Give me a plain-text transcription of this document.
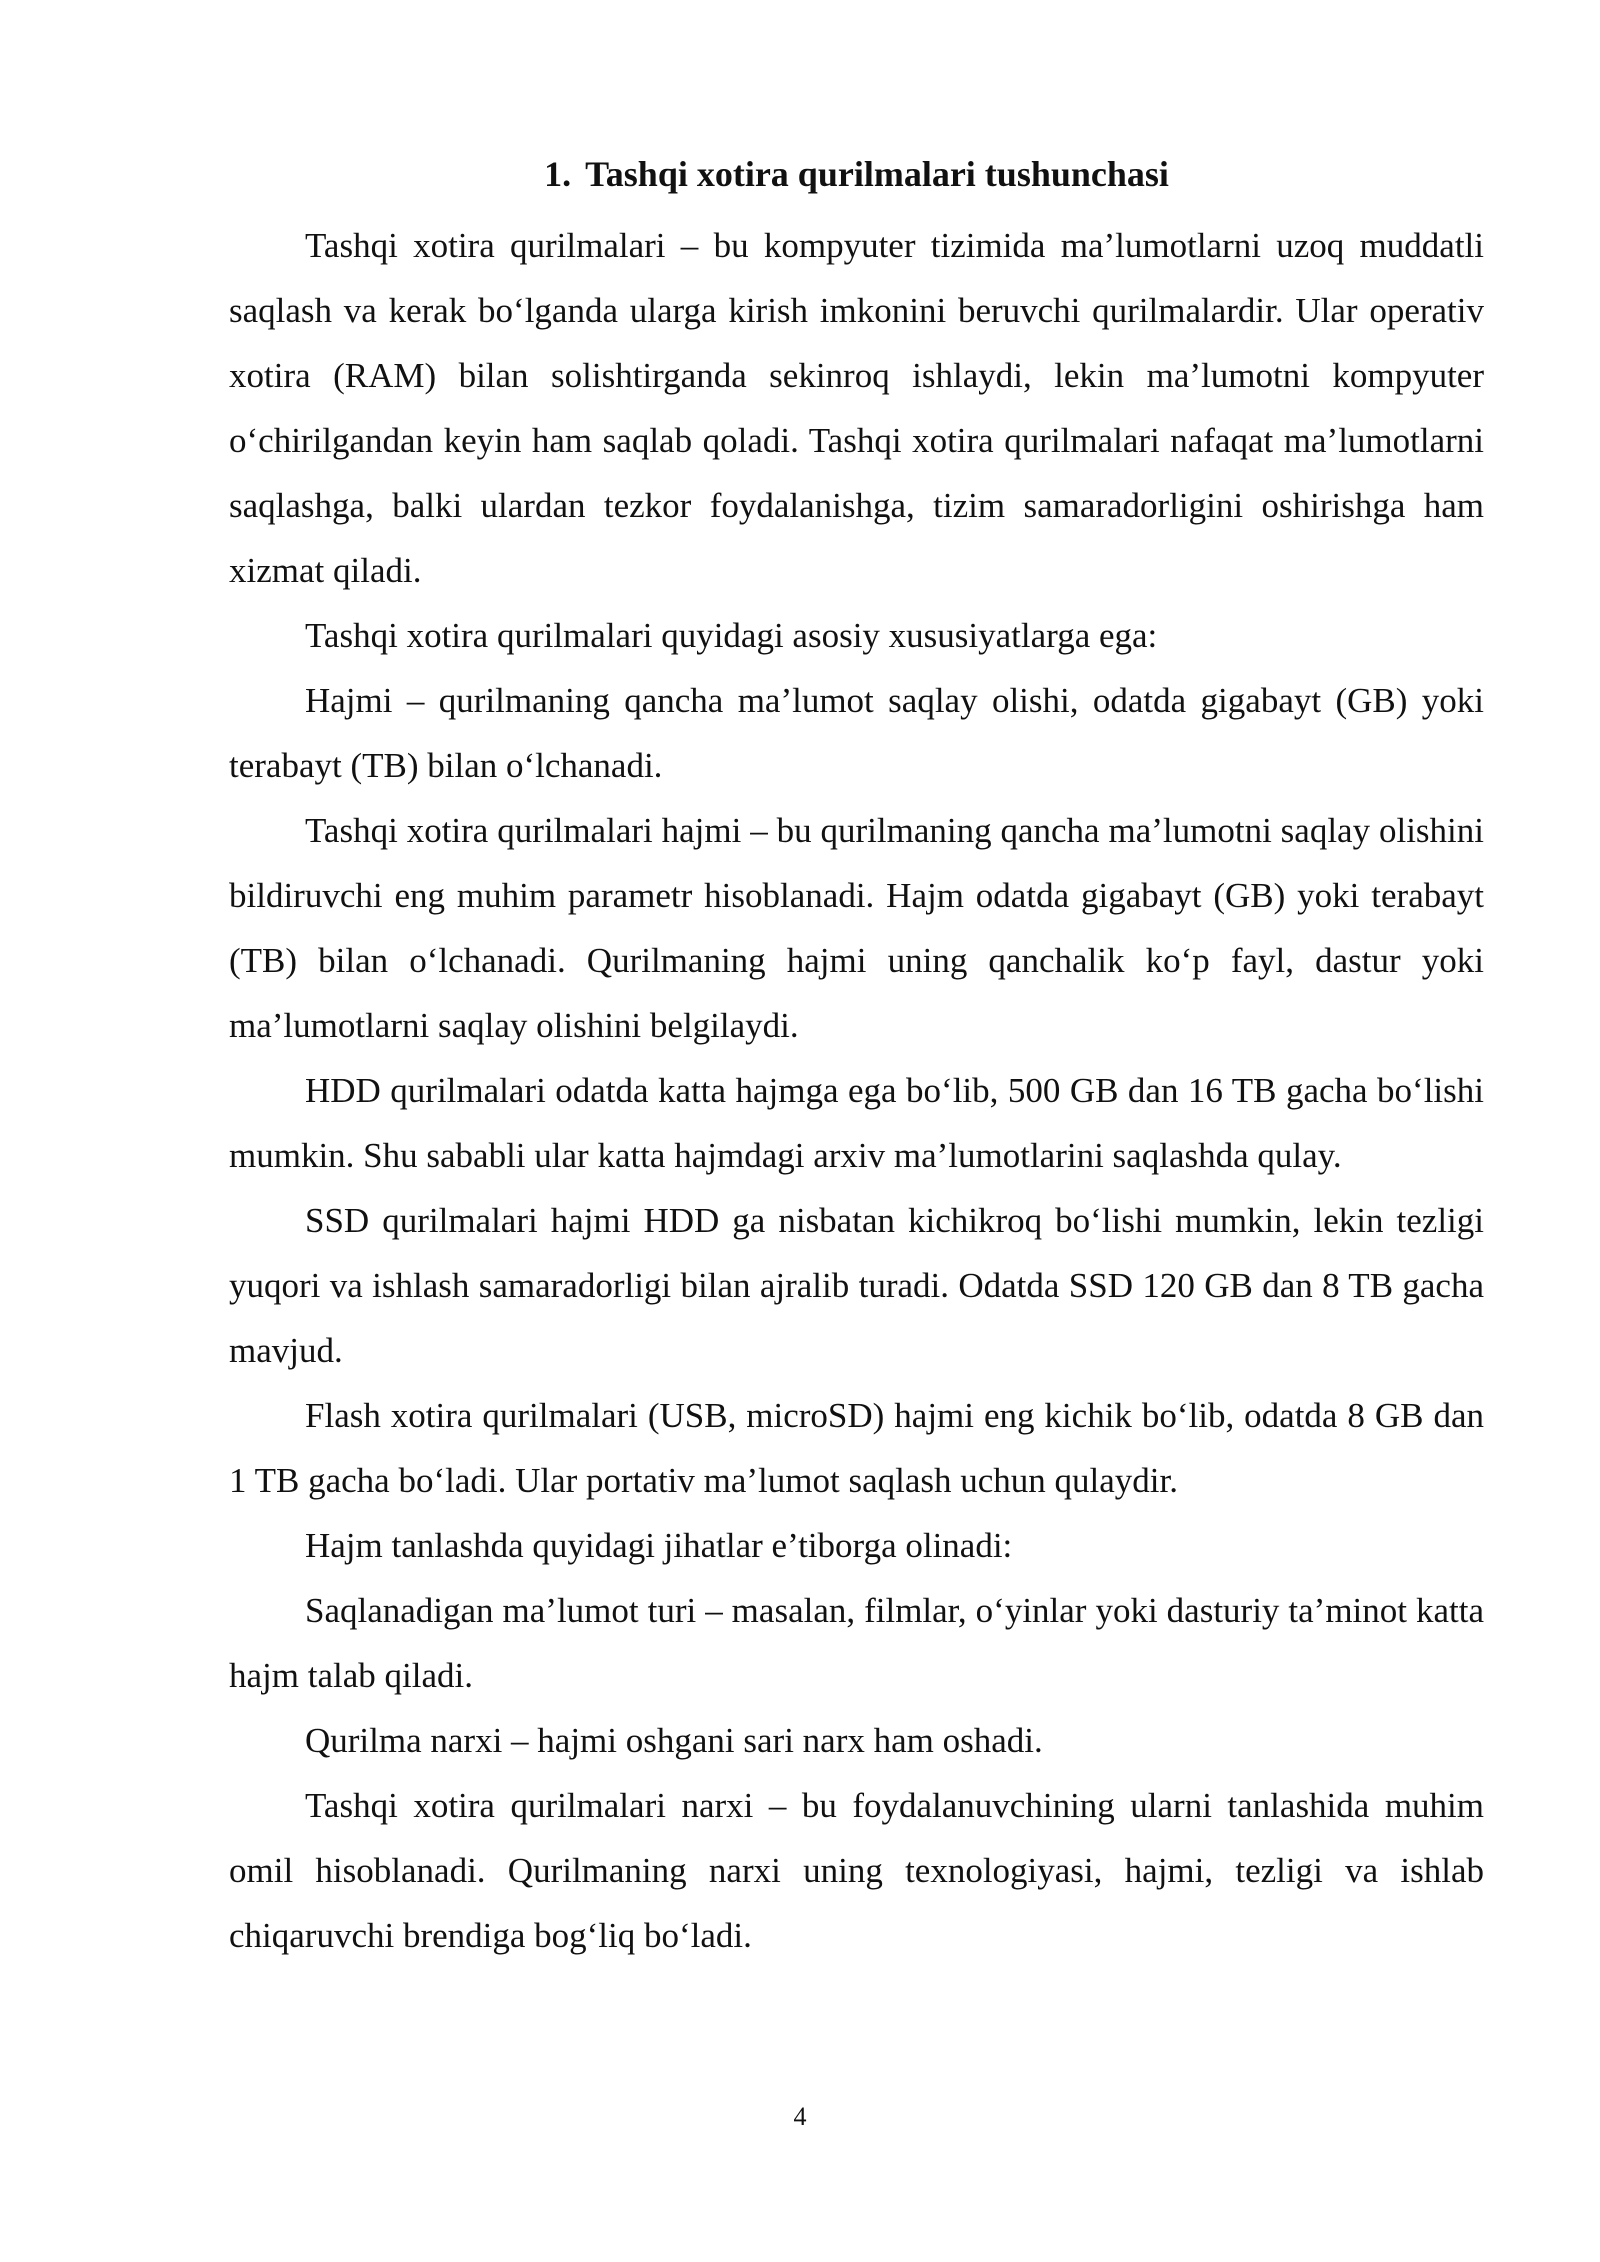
1. Tashqi xotira qurilmalari tushunchasi

Tashqi xotira qurilmalari – bu kompyuter tizimida ma’lumotlarni uzoq muddatli saqlash va kerak bo‘lganda ularga kirish imkonini beruvchi qurilmalardir. Ular operativ xotira (RAM) bilan solishtirganda sekinroq ishlaydi, lekin ma’lumotni kompyuter o‘chirilgandan keyin ham saqlab qoladi. Tashqi xotira qurilmalari nafaqat ma’lumotlarni saqlashga, balki ulardan tezkor foydalanishga, tizim samaradorligini oshirishga ham xizmat qiladi.

Tashqi xotira qurilmalari quyidagi asosiy xususiyatlarga ega:

Hajmi – qurilmaning qancha ma’lumot saqlay olishi, odatda gigabayt (GB) yoki terabayt (TB) bilan o‘lchanadi.

Tashqi xotira qurilmalari hajmi – bu qurilmaning qancha ma’lumotni saqlay olishini bildiruvchi eng muhim parametr hisoblanadi. Hajm odatda gigabayt (GB) yoki terabayt (TB) bilan o‘lchanadi. Qurilmaning hajmi uning qanchalik ko‘p fayl, dastur yoki ma’lumotlarni saqlay olishini belgilaydi.

HDD qurilmalari odatda katta hajmga ega bo‘lib, 500 GB dan 16 TB gacha bo‘lishi mumkin. Shu sababli ular katta hajmdagi arxiv ma’lumotlarini saqlashda qulay.

SSD qurilmalari hajmi HDD ga nisbatan kichikroq bo‘lishi mumkin, lekin tezligi yuqori va ishlash samaradorligi bilan ajralib turadi. Odatda SSD 120 GB dan 8 TB gacha mavjud.

Flash xotira qurilmalari (USB, microSD) hajmi eng kichik bo‘lib, odatda 8 GB dan 1 TB gacha bo‘ladi. Ular portativ ma’lumot saqlash uchun qulaydir.

Hajm tanlashda quyidagi jihatlar e’tiborga olinadi:

Saqlanadigan ma’lumot turi – masalan, filmlar, o‘yinlar yoki dasturiy ta’minot katta hajm talab qiladi.

Qurilma narxi – hajmi oshgani sari narx ham oshadi.

Tashqi xotira qurilmalari narxi – bu foydalanuvchining ularni tanlashida muhim omil hisoblanadi. Qurilmaning narxi uning texnologiyasi, hajmi, tezligi va ishlab chiqaruvchi brendiga bog‘liq bo‘ladi.

4
